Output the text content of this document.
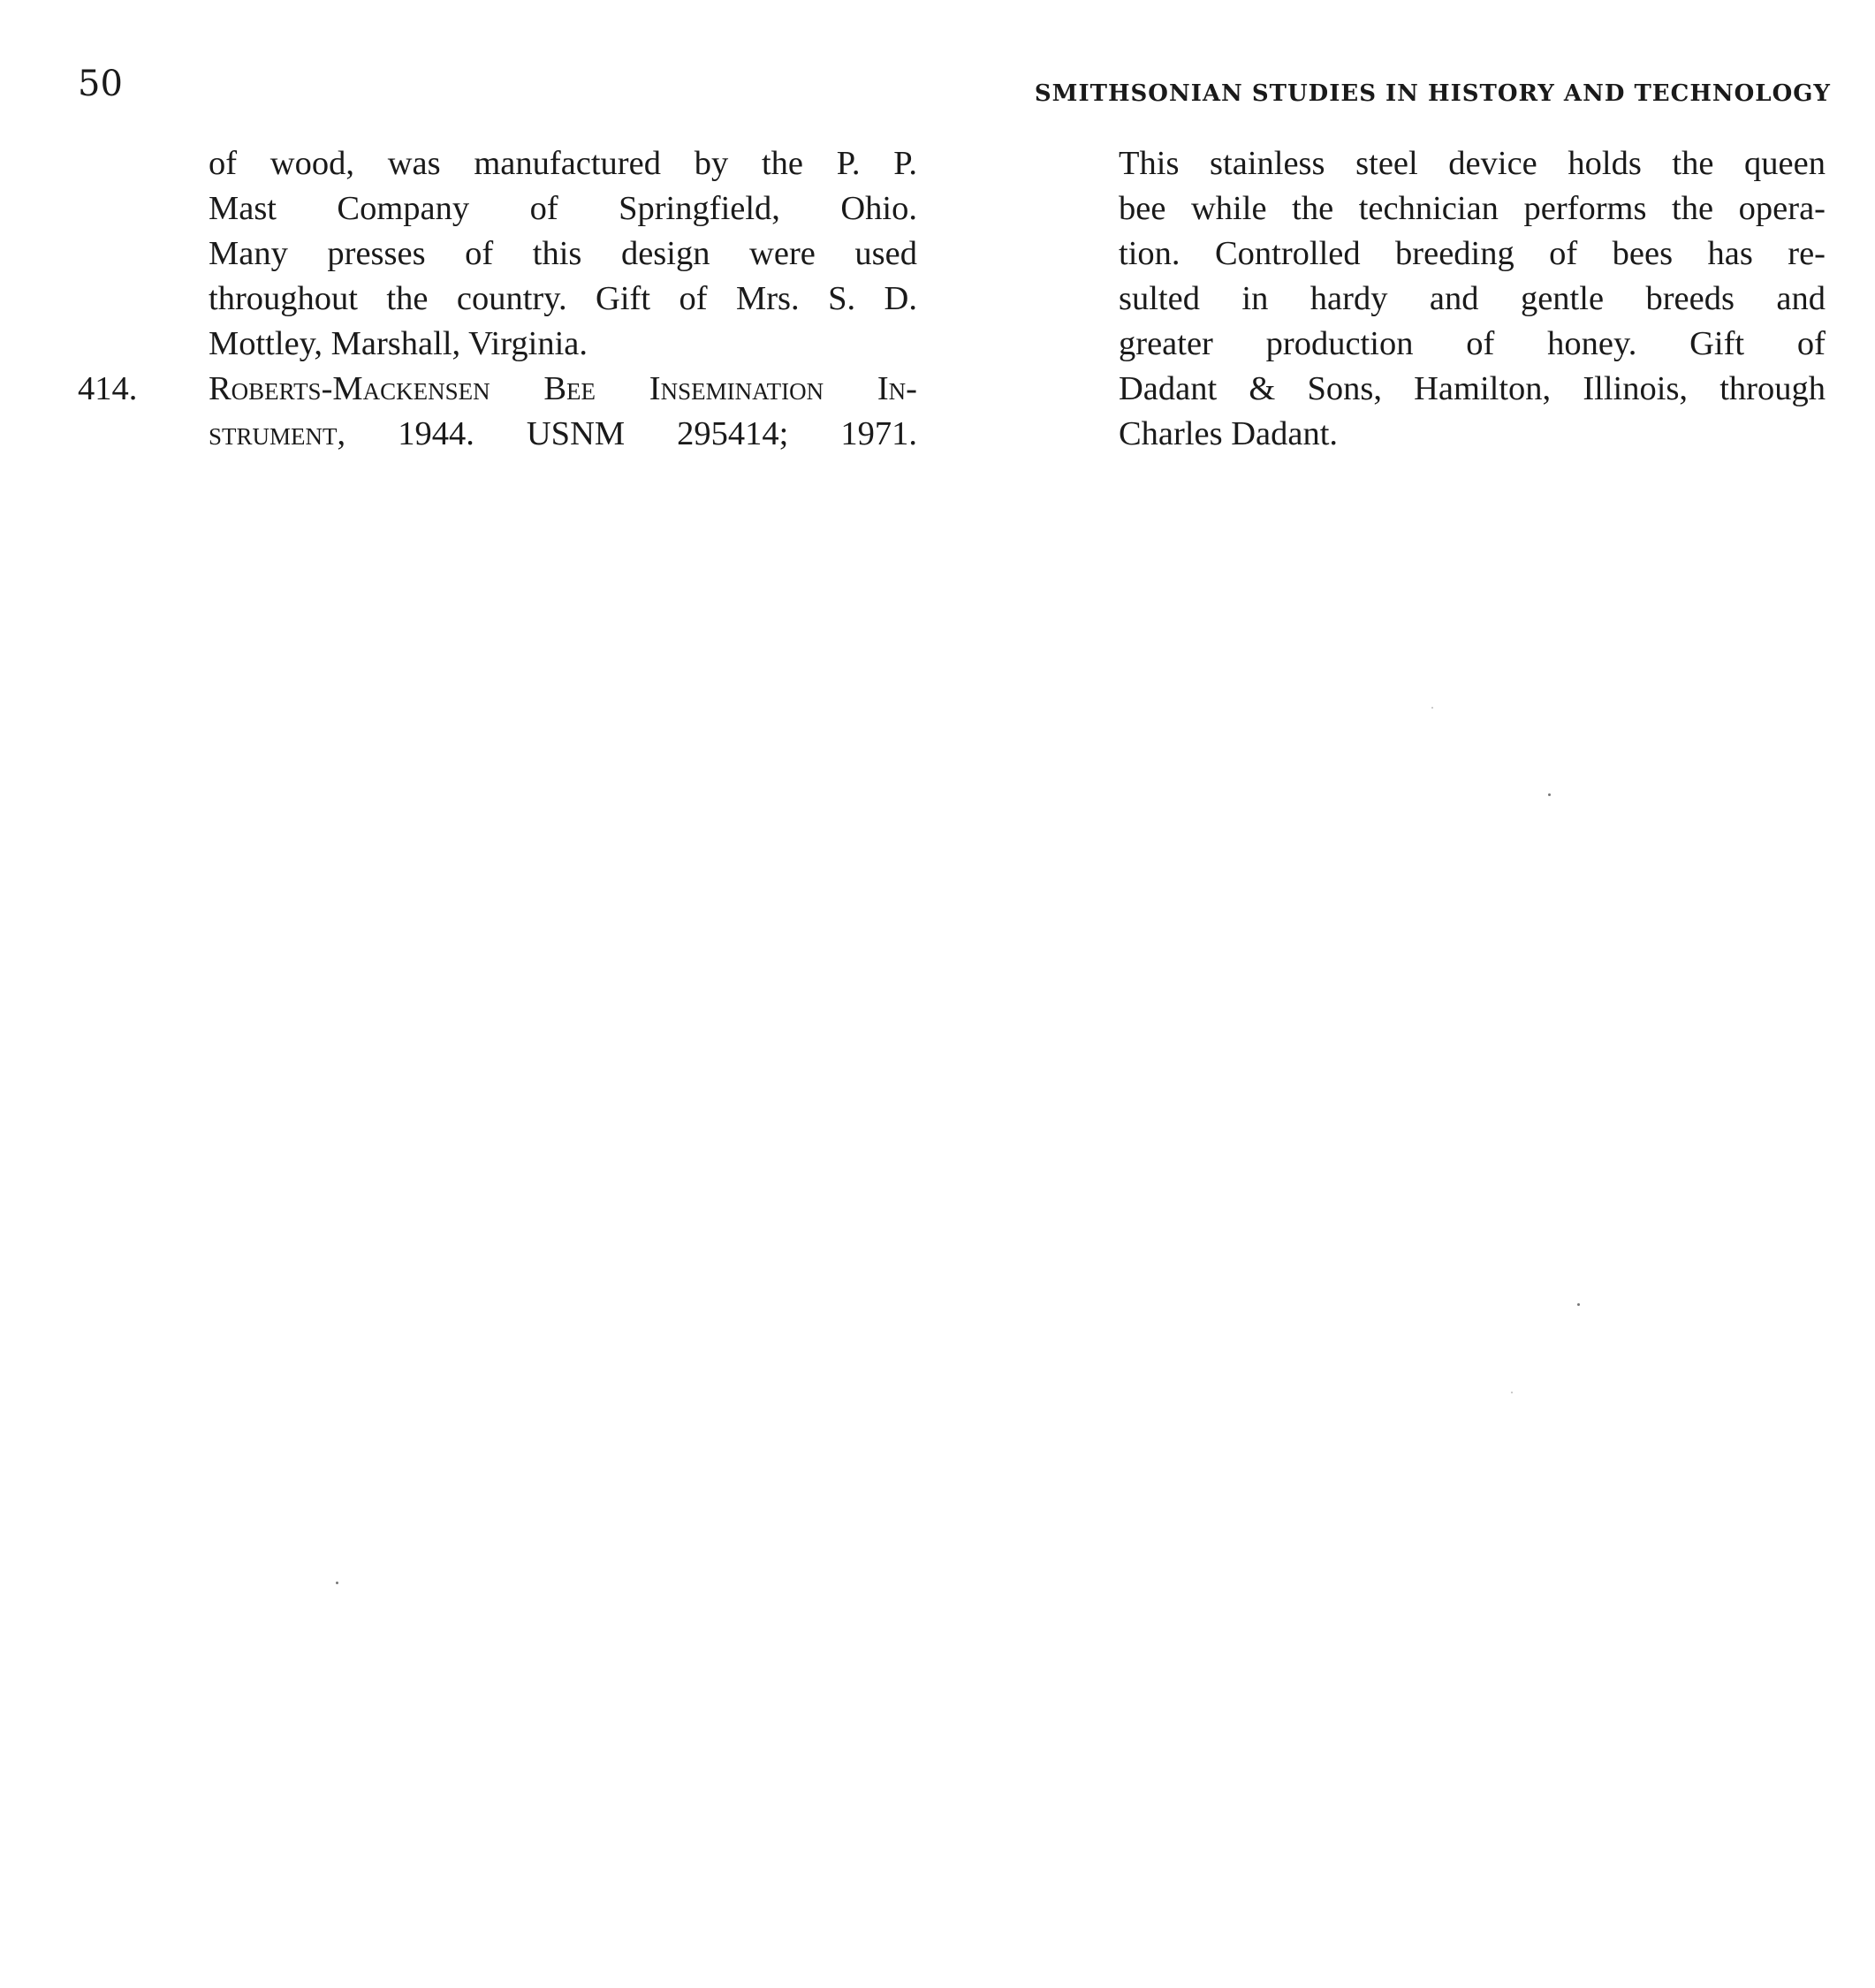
50	SMITHSONIAN STUDIES IN HISTORY AND TECHNOLOGY
of wood, was manufactured by the P. P.
Mast Company of Springfield, Ohio.
Many presses of this design were used
throughout the country. Gift of Mrs. S. D.
Mottley, Marshall, Virginia.
414. Roberts-Mackensen Bee Insemination In-
strument, 1944. USNM 295414; 1971.
This stainless steel device holds the queen
bee while the technician performs the opera-
tion. Controlled breeding of bees has re-
sulted in hardy and gentle breeds and
greater production of honey. Gift of
Dadant & Sons, Hamilton, Illinois, through
Charles Dadant.
